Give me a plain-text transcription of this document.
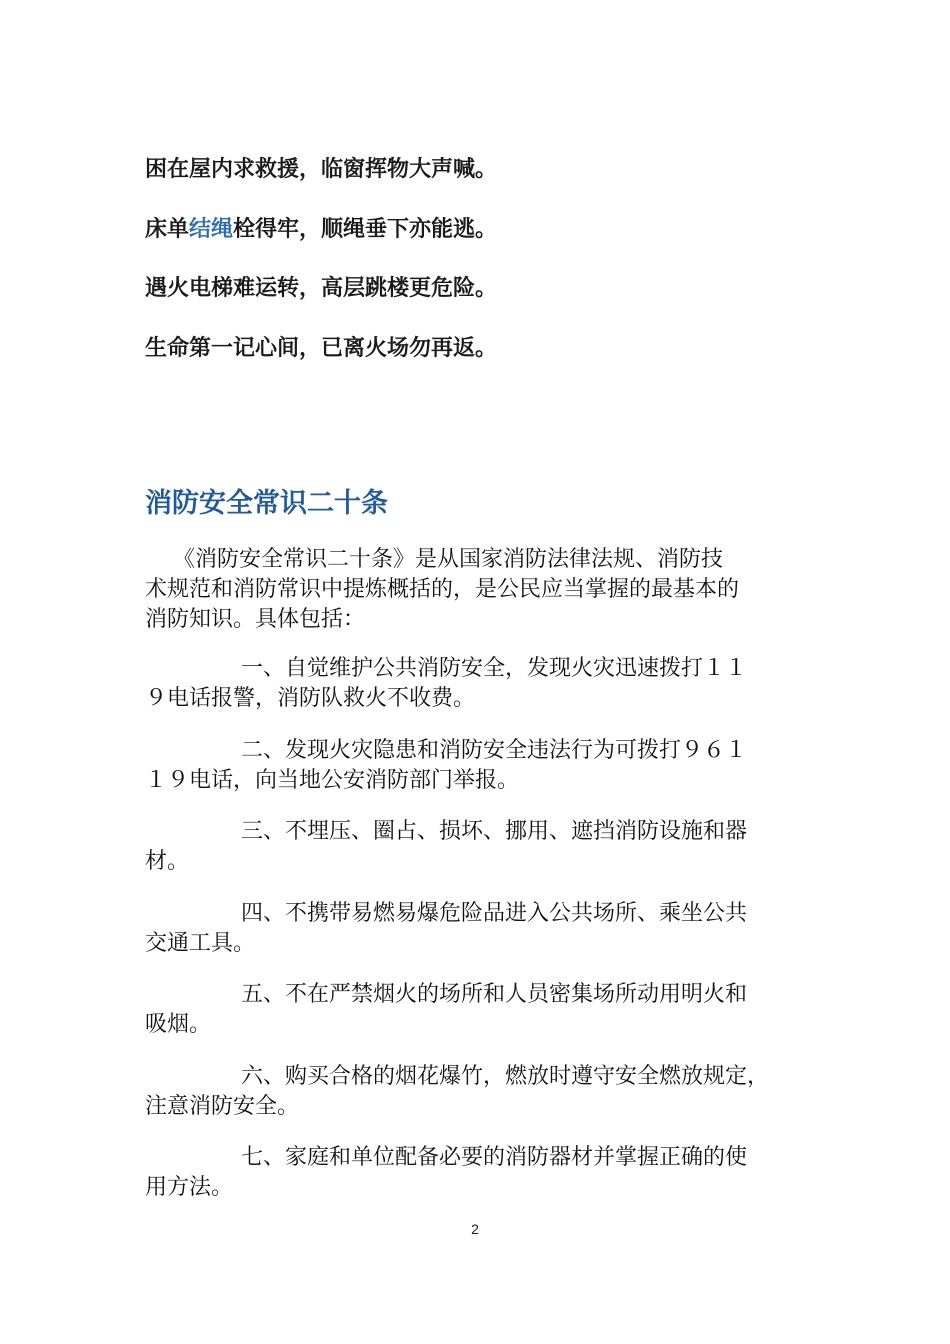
困在屋内求救援，临窗挥物大声喊。
床单结绳栓得牢，顺绳垂下亦能逃。
遇火电梯难运转，高层跳楼更危险。
生命第一记心间，已离火场勿再返。
消防安全常识二十条
《消防安全常识二十条》是从国家消防法律法规、消防技
术规范和消防常识中提炼概括的，是公民应当掌握的最基本的
消防知识。具体包括：
一、自觉维护公共消防安全，发现火灾迅速拨打１１
９电话报警，消防队救火不收费。
二、发现火灾隐患和消防安全违法行为可拨打９６１
１９电话，向当地公安消防部门举报。
三、不埋压、圈占、损坏、挪用、遮挡消防设施和器
材。
四、不携带易燃易爆危险品进入公共场所、乘坐公共
交通工具。
五、不在严禁烟火的场所和人员密集场所动用明火和
吸烟。
六、购买合格的烟花爆竹，燃放时遵守安全燃放规定，
注意消防安全。
七、家庭和单位配备必要的消防器材并掌握正确的使
用方法。
2
